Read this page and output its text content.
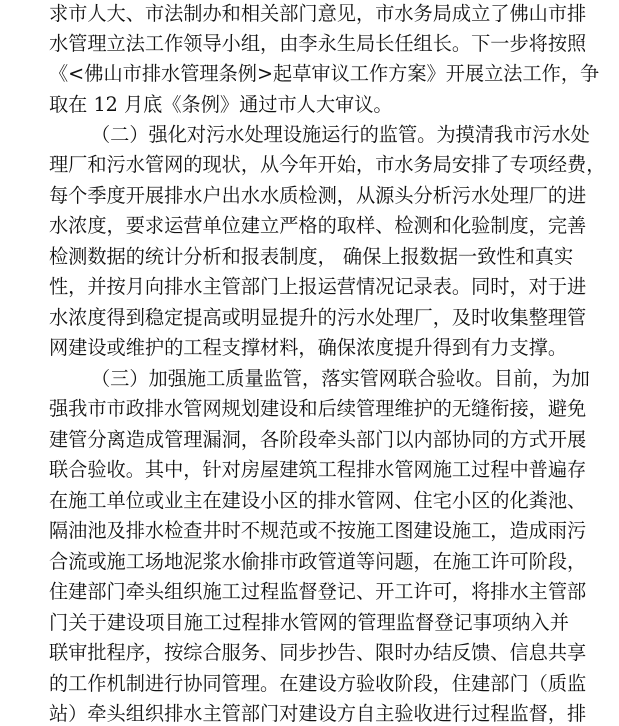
求市人大、市法制办和相关部门意见，市水务局成立了佛山市排
水管理立法工作领导小组，由李永生局长任组长。下一步将按照
《<佛山市排水管理条例>起草审议工作方案》开展立法工作，争
取在 12 月底《条例》通过市人大审议。
（二）强化对污水处理设施运行的监管。为摸清我市污水处
理厂和污水管网的现状，从今年开始，市水务局安排了专项经费，
每个季度开展排水户出水水质检测，从源头分析污水处理厂的进
水浓度，要求运营单位建立严格的取样、检测和化验制度，完善
检测数据的统计分析和报表制度， 确保上报数据一致性和真实
性，并按月向排水主管部门上报运营情况记录表。同时，对于进
水浓度得到稳定提高或明显提升的污水处理厂，及时收集整理管
网建设或维护的工程支撑材料，确保浓度提升得到有力支撑。
（三）加强施工质量监管，落实管网联合验收。目前，为加
强我市市政排水管网规划建设和后续管理维护的无缝衔接，避免
建管分离造成管理漏洞，各阶段牵头部门以内部协同的方式开展
联合验收。其中，针对房屋建筑工程排水管网施工过程中普遍存
在施工单位或业主在建设小区的排水管网、住宅小区的化粪池、
隔油池及排水检查井时不规范或不按施工图建设施工，造成雨污
合流或施工场地泥浆水偷排市政管道等问题，在施工许可阶段，
住建部门牵头组织施工过程监督登记、开工许可，将排水主管部
门关于建设项目施工过程排水管网的管理监督登记事项纳入并
联审批程序，按综合服务、同步抄告、限时办结反馈、信息共享
的工作机制进行协同管理。在建设方验收阶段，住建部门（质监
站）牵头组织排水主管部门对建设方自主验收进行过程监督，排
